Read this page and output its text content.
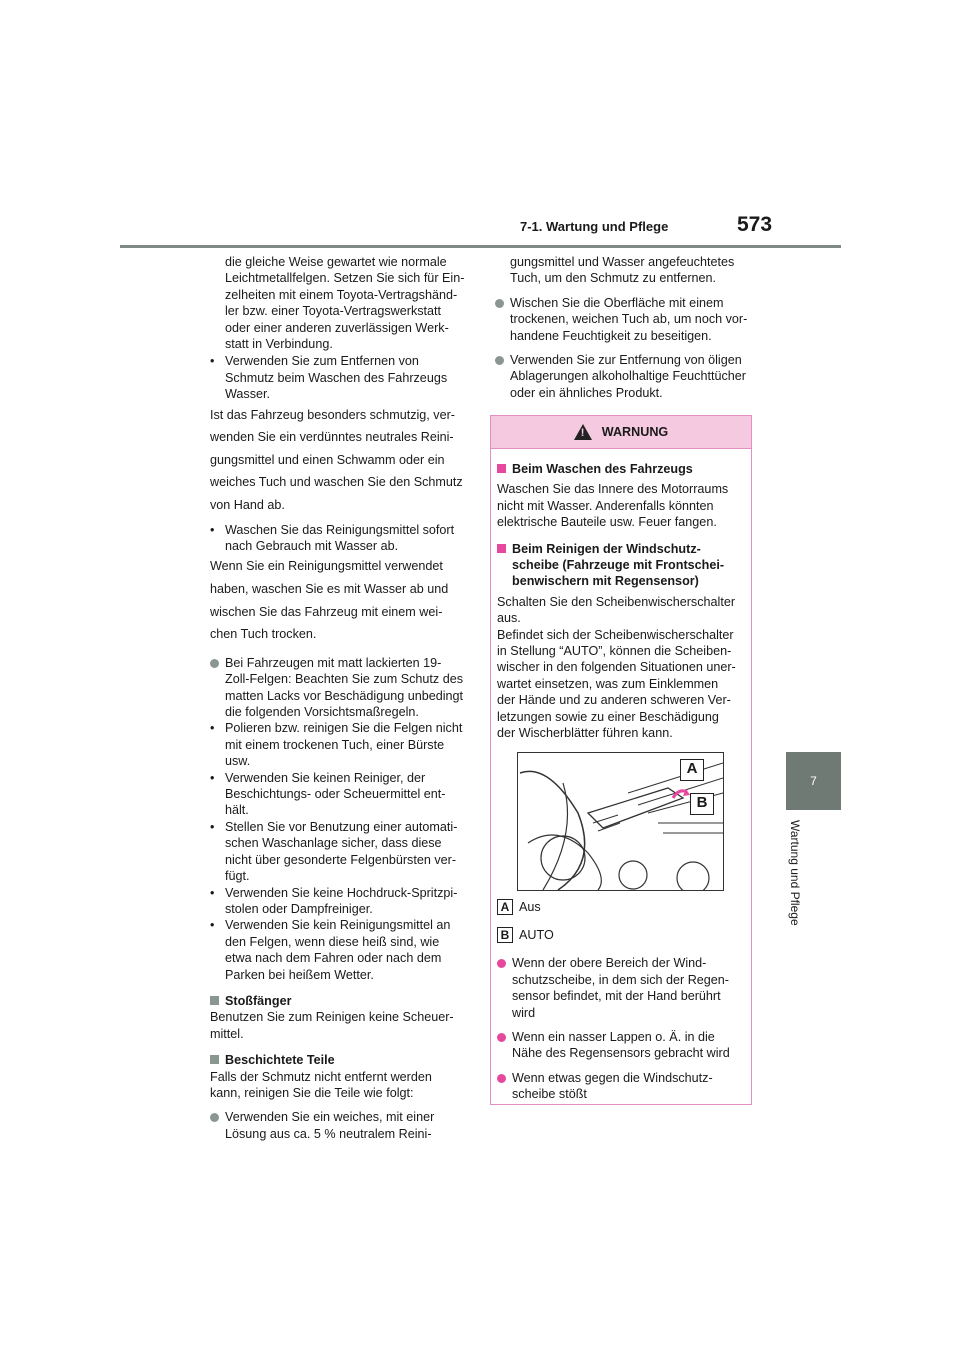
7-1. Wartung und Pflege	573
7
Wartung und Pflege

die gleiche Weise gewartet wie normale

Leichtmetallfelgen. Setzen Sie sich für Ein-

zelheiten mit einem Toyota-Vertragshänd-

ler bzw. einer Toyota-Vertragswerkstatt

oder einer anderen zuverlässigen Werk-

statt in Verbindung.

• Verwenden Sie zum Entfernen von

Schmutz beim Waschen des Fahrzeugs

Wasser.

Ist das Fahrzeug besonders schmutzig, ver-

wenden Sie ein verdünntes neutrales Reini-

gungsmittel und einen Schwamm oder ein

weiches Tuch und waschen Sie den Schmutz

von Hand ab.

• Waschen Sie das Reinigungsmittel sofort

nach Gebrauch mit Wasser ab.

Wenn Sie ein Reinigungsmittel verwendet

haben, waschen Sie es mit Wasser ab und

wischen Sie das Fahrzeug mit einem wei-

chen Tuch trocken.

Bei Fahrzeugen mit matt lackierten 19-

Zoll-Felgen: Beachten Sie zum Schutz des

matten Lacks vor Beschädigung unbedingt

die folgenden Vorsichtsmaßregeln.

• Polieren bzw. reinigen Sie die Felgen nicht

mit einem trockenen Tuch, einer Bürste

usw.

• Verwenden Sie keinen Reiniger, der

Beschichtungs- oder Scheuermittel ent-

hält.

• Stellen Sie vor Benutzung einer automati-

schen Waschanlage sicher, dass diese

nicht über gesonderte Felgenbürsten ver-

fügt.

• Verwenden Sie keine Hochdruck-Spritzpi-

stolen oder Dampfreiniger.

• Verwenden Sie kein Reinigungsmittel an

den Felgen, wenn diese heiß sind, wie

etwa nach dem Fahren oder nach dem

Parken bei heißem Wetter.

Stoßfänger

Benutzen Sie zum Reinigen keine Scheuer-

mittel.

Beschichtete Teile

Falls der Schmutz nicht entfernt werden

kann, reinigen Sie die Teile wie folgt:

Verwenden Sie ein weiches, mit einer

Lösung aus ca. 5 % neutralem Reini-

gungsmittel und Wasser angefeuchtetes

Tuch, um den Schmutz zu entfernen.

Wischen Sie die Oberfläche mit einem

trockenen, weichen Tuch ab, um noch vor-

handene Feuchtigkeit zu beseitigen.

Verwenden Sie zur Entfernung von öligen

Ablagerungen alkoholhaltige Feuchttücher

oder ein ähnliches Produkt.

! WARNUNG
Beim Waschen des Fahrzeugs

Waschen Sie das Innere des Motorraums

nicht mit Wasser. Anderenfalls könnten

elektrische Bauteile usw. Feuer fangen.

Beim Reinigen der Windschutz-

scheibe (Fahrzeuge mit Frontschei-

benwischern mit Regensensor)

Schalten Sie den Scheibenwischerschalter

aus.

Befindet sich der Scheibenwischerschalter

in Stellung “AUTO”, können die Scheiben-

wischer in den folgenden Situationen uner-

wartet einsetzen, was zum Einklemmen

der Hände und zu anderen schweren Ver-

letzungen sowie zu einer Beschädigung

der Wischerblätter führen kann.

A
B
A Aus
B AUTO

Wenn der obere Bereich der Wind-

schutzscheibe, in dem sich der Regen-

sensor befindet, mit der Hand berührt

wird

Wenn ein nasser Lappen o. Ä. in die

Nähe des Regensensors gebracht wird

Wenn etwas gegen die Windschutz-

scheibe stößt
